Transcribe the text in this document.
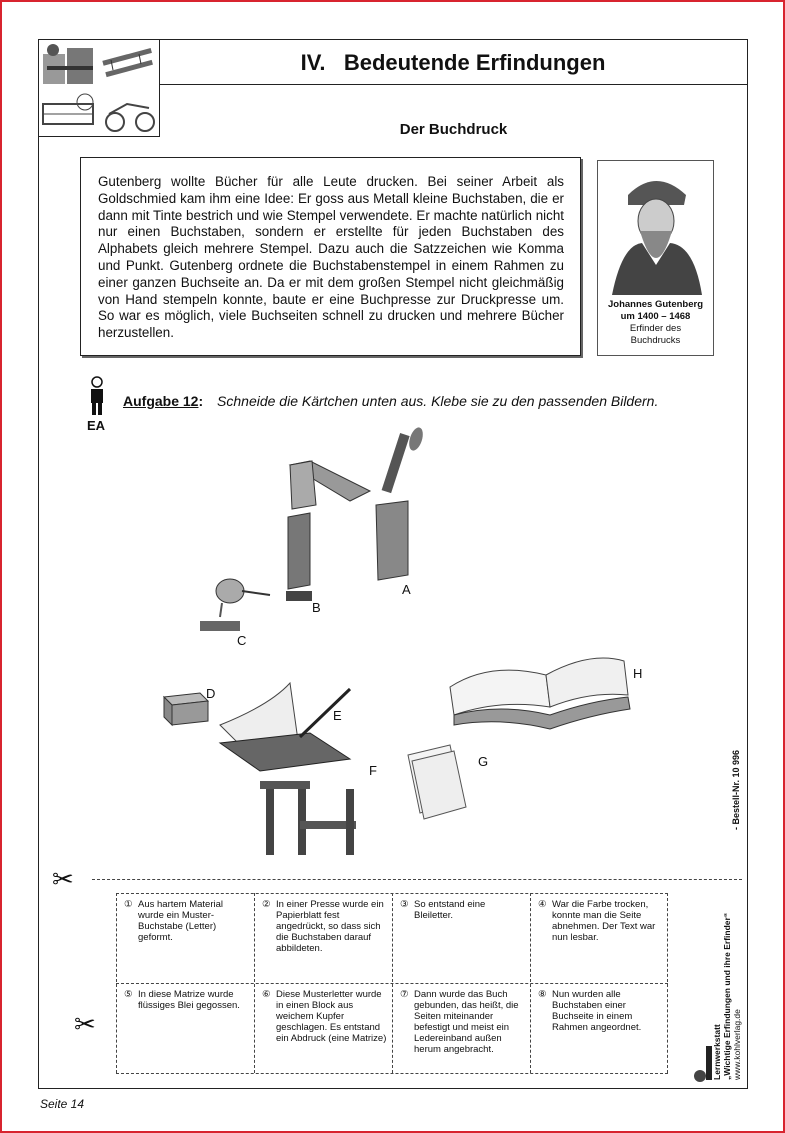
IV.   Bedeutende Erfindungen
Der Buchdruck

Gutenberg wollte Bücher für alle Leute drucken. Bei seiner Arbeit als Goldschmied kam ihm eine Idee: Er goss aus Metall kleine Buchstaben, die er dann mit Tinte bestrich und wie Stempel verwendete. Er machte natürlich nicht nur einen Buchstaben, sondern er erstellte für jeden Buchstaben des Alphabets gleich mehrere Stempel. Dazu auch die Satzzeichen wie Komma und Punkt. Gutenberg ordnete die Buchstabenstempel in einem Rahmen zu einer ganzen Buchseite an. Da er mit dem großen Stempel nicht gleichmäßig von Hand stempeln konnte, baute er eine Buchpresse zur Druckpresse um. So war es möglich, viele Buchseiten schnell zu drucken und mehrere Bücher herzustellen.

Johannes Gutenberg
um 1400 – 1468
Erfinder des
Buchdrucks
EA
Aufgabe 12: Schneide die Kärtchen unten aus. Klebe sie zu den passenden Bildern.
A
B
C
D
E
F
G
H
✂
✂
① Aus hartem Material wurde ein Muster-Buchstabe (Letter) geformt.
② In einer Presse wurde ein Papierblatt fest angedrückt, so dass sich die Buchstaben darauf abbildeten.
③ So entstand eine Bleiletter.
④ War die Farbe trocken, konnte man die Seite abnehmen. Der Text war nun lesbar.
⑤ In diese Matrize wurde flüssiges Blei gegossen.
⑥ Diese Musterletter wurde in einen Block aus weichem Kupfer geschlagen. Es entstand ein Abdruck (eine Matrize)
⑦ Dann wurde das Buch gebunden, das heißt, die Seiten miteinander befestigt und meist ein Ledereinband außen herum angebracht.
⑧ Nun wurden alle Buchstaben einer Buchseite in einem Rahmen angeordnet.	Lernwerkstatt „Wichtige Erfindungen und ihre Erfinder“ www.kohlverlag.de
- Bestell-Nr. 10 996
Seite 14
